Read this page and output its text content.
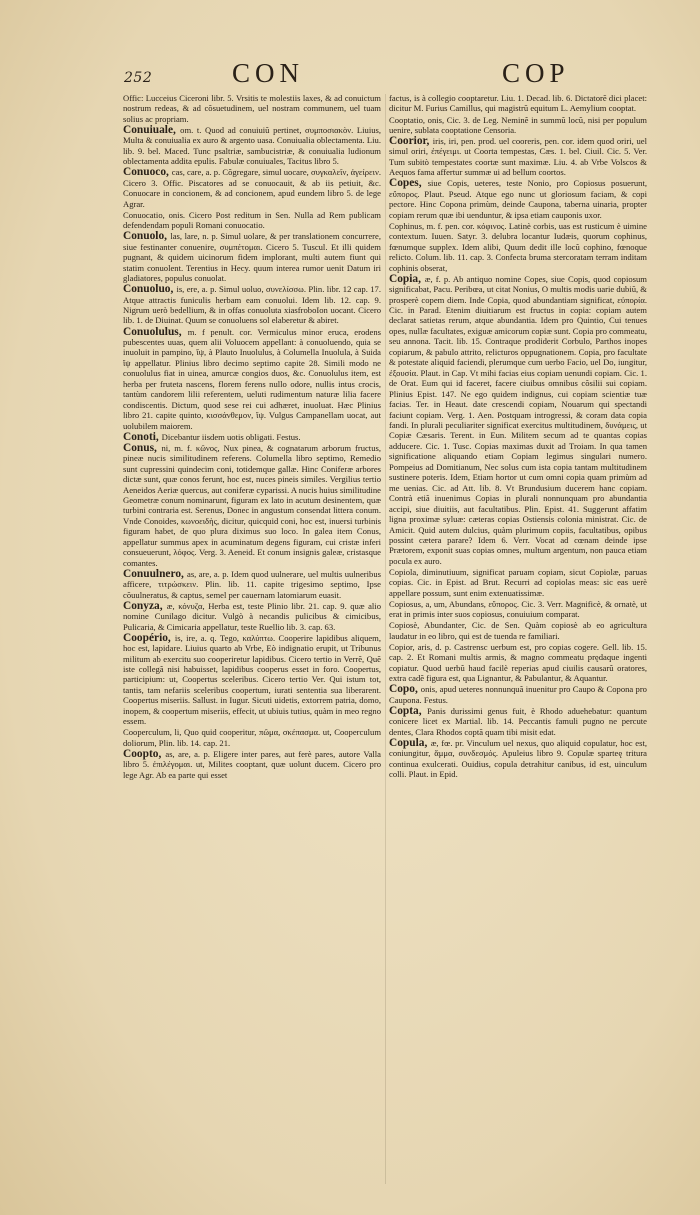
252	CON	COP

Offic: Lucceius Ciceroni libr. 5. Vrsitis te molestiis laxes, & ad conuictum nostrum redeas, & ad cõsuetudinem, uel nostram communem, uel tuam solius ac propriam.

Conuiuale, om. t. Quod ad conuiuiũ pertinet, συμποσιακὸν. Liuius, Multa & conuiualia ex auro & argento uasa. Conuiualia oblectamenta. Liu. lib. 9. bel. Maced. Tunc psaltriæ, sambucistriæ, & conuiualia ludionum oblectamenta addita epulis. Fabulæ conuiuales, Tacitus libro 5.

Conuoco, cas, care, a. p. Cõgregare, simul uocare, συγκαλεῖν, ἀγείρειν. Cicero 3. Offic. Piscatores ad se conuocauit, & ab iis petiuit, &c. Conuocare in concionem, & ad concionem, apud eundem libro 5. de lege Agrar.

Conuocatio, onis. Cicero Post reditum in Sen. Nulla ad Rem publicam defendendam populi Romani conuocatio.

Conuolo, las, lare, n. p. Simul uolare, & per translationem concurrere, siue festinanter conuenire, συμπέτομαι. Cicero 5. Tuscul. Et illi quidem pugnant, & quidem uicinorum fidem implorant, multi autem fiunt qui statim conuolent. Terentius in Hecy. quum interea rumor uenit Datum iri gladiatores, populus conuolat.

Conuoluo, is, ere, a. p. Simul uoluo, συνελίσσω. Plin. libr. 12 cap. 17. Atque attractis funiculis herbam eam conuolui. Idem lib. 12. cap. 9. Nigrum uerò bedellium, & in offas conuoluta xiasfroboIon uocant. Cicero lib. 1. de Diuinat. Quum se conuoluens sol elaberetur & abiret.

Conuolulus, m. f penult. cor. Vermiculus minor eruca, erodens pubescentes uuas, quem alii Voluocem appellant: à conuoluendo, quia se inuoluit in pampino, ἴψ, à Plauto Inuolulus, à Columella Inuolula, à Suida ἴψ appellatur. Plinius libro decimo septimo capite 28. Simili modo ne conuolulus fiat in uinea, amurcæ congios duos, &c. Conuolulus item, est herba per fruteta nascens, florem ferens nullo odore, nullis intus crocis, tantùm candorem lilii referentem, ueluti rudimentum naturæ lilia facere condiscentis. Dictum, quod sese rei cui adhæret, inuoluat. Hæc Plinius libro 21. capite quinto, κισσάνθεμον, ἴψ. Vulgus Campanellam uocat, aut uolubilem maiorem.

Conoti, Dicebantur iisdem uotis obligati. Festus.

Conus, ni, m. f. κῶνος, Nux pinea, & cognatarum arborum fructus, pineæ nucis similitudinem referens. Columella libro septimo, Remedio sunt cupressini quindecim coni, totidemque gallæ. Hinc Coniferæ arbores dictæ sunt, quæ conos ferunt, hoc est, nuces pineis similes. Vergilius tertio Aeneidos Aeriæ quercus, aut coniferæ cyparissi. A nucis huius similitudine Geometræ conum nominarunt, figuram ex lato in acutum desinentem, quæ turbini contraria est. Serenus, Donec in angustum consendat littera conum. Vnde Conoides, κωνοειδὴς, dicitur, quicquid coni, hoc est, inuersi turbinis figuram habet, de quo plura diximus suo loco. In galea item Conus, appellatur summus apex in acuminatum degens figuram, cui cristæ inferi consueuerunt, λόφος. Verg. 3. Aeneid. Et conum insignis galeæ, cristasque comantes.

Conuulnero, as, are, a. p. Idem quod uulnerare, uel multis uulneribus afficere, τιτρώσκειν. Plin. lib. 11. capite trigesimo septimo, Ipse cõuulneratus, & captus, semel per cauernam latomiarum euasit.

Conyza, æ, κόνυζα, Herba est, teste Plinio libr. 21. cap. 9. quæ alio nomine Cunilago dicitur. Vulgò à necandis pulicibus & cimicibus, Pulicaria, & Cimicaria appellatur, teste Ruellio lib. 3. cap. 63.

Coopério, is, ire, a. q. Tego, καλύπτω. Cooperire lapidibus aliquem, hoc est, lapidare. Liuius quarto ab Vrbe, Eò indignatio erupit, ut Tribunus militum ab exercitu suo cooperiretur lapidibus. Cicero tertio in Verrẽ, Quẽ iste collegã nisi habuisset, lapidibus cooperus esset in foro. Coopertus, participium: ut, Coopertus sceleribus. Cicero tertio Ver. Qui istum tot, tantis, tam nefariis sceleribus coopertum, iurati sententia sua liberarent. Coopertus miseriis. Sallust. in Iugur. Sicuti uidetis, extorrem patria, domo, inopem, & coopertum miseriis, effecit, ut ubiuis tutius, quàm in meo regno essem.

Cooperculum, li, Quo quid cooperitur, πῶμα, σκέπασμα. ut, Cooperculum doliorum, Plin. lib. 14. cap. 21.

Coopto, as, are, a. p. Eligere inter pares, aut ferè pares, autore Valla libro 5. ἐπιλέγομαι. ut, Milites cooptant, quæ uolunt ducem. Cicero pro lege Agr. Ab ea parte qui esset

factus, is à collegio cooptaretur. Liu. 1. Decad. lib. 6. Dictatorẽ dici placet: dicitur M. Furius Camillus, qui magistrũ equitum L. Aemylium cooptat.

Cooptatio, onis, Cic. 3. de Leg. Neminẽ in summũ locũ, nisi per populum uenire, sublata cooptatione Censoria.

Coorior, iris, iri, pen. prod. uel cooreris, pen. cor. idem quod oriri, uel simul oriri, ἐπέγειμι. ut Coorta tempestas, Cæs. 1. bel. Ciuil. Cic. 5. Ver. Tum subitò tempestates coortæ sunt maximæ. Liu. 4. ab Vrbe Volscos & Aequos fama affertur summæ ui ad bellum coortos.

Copes, siue Copis, ueteres, teste Nonio, pro Copiosus posuerunt, εὔπορος. Plaut. Pseud. Atque ego nunc ut gloriosum faciam, & copi pectore. Hinc Copona primùm, deinde Caupona, taberna uinaria, propter copiam rerum quæ ibi uenduntur, & ipsa etiam cauponis uxor.

Cophinus, m. f. pen. cor. κόφινος. Latinè corbis, uas est rusticum è uimine contextum. Iuuen. Satyr. 3. delubra locantur Iudæis, quorum cophinus, fœnumque supplex. Idem alibi, Quum dedit ille locũ cophino, fœnoque relicto. Colum. lib. 11. cap. 3. Confecta bruma stercoratam terram inditam cophinis obserat,

Copia, æ, f. p. Ab antiquo nomine Copes, siue Copis, quod copiosum significabat, Pacu. Peribœa, ut citat Nonius, O multis modis uarie dubiũ, & prosperè copem diem. Inde Copia, quod abundantiam significat, εὐπορία. Cic. in Parad. Etenim diuitiarum est fructus in copia: copiam autem declarat satietas rerum, atque abundantia. Idem pro Quintio, Cui tenues opes, nullæ facultates, exiguæ amicorum copiæ sunt. Copia pro commeatu, seu annona. Tacit. lib. 15. Contraque prodiderit Corbulo, Parthos inopes copiarum, & pabulo attrito, relicturos oppugnationem. Copia, pro facultate & potestate aliquid faciendi, plerumque cum uerbo Facio, uel Do, iungitur, ἐξουσία. Plaut. in Cap. Vt mihi facias eius copiam uenundi copiam. Cic. 1. de Orat. Eum qui id faceret, facere ciuibus omnibus cõsilii sui copiam. Plinius Epist. 147. Ne ego quidem indignus, cui copiam scientiæ tuæ facias. Ter. in Heaut. date crescendi copiam, Nouarum qui spectandi faciunt copiam. Verg. 1. Aen. Postquam introgressi, & coram data copia fandi. In plurali peculiariter significat exercitus multitudinem, δυνάμεις, ut Copiæ Cæsaris. Terent. in Eun. Militem secum ad te quantas copias adducere. Cic. 1. Tusc. Copias maximas duxit ad Troiam. In qua tamen significatione aliquando etiam Copiam legimus singulari numero. Pompeius ad Domitianum, Nec solus cum ista copia tantam multitudinem sustinere poteris. Idem, Etiam hortor ut cum omni copia quam primùm ad me uenias. Cic. ad Att. lib. 8. Vt Brundusium ducerem hanc copiam. Contrà etiã inuenimus Copias in plurali nonnunquam pro abundantia accipi, siue diuitiis, aut facultatibus. Plin. Epist. 41. Suggerunt affatim ligna proximæ syluæ: cæteras copias Ostiensis colonia ministrat. Cic. de Amicit. Quid autem dulcius, quàm plurimum copiis, facultatibus, opibus possint cætera parare? Idem 6. Verr. Vocat ad cœnam deinde ipse Prætorem, exponit suas copias omnes, multum argentum, non pauca etiam pocula ex auro.

Copiola, diminutiuum, significat paruam copiam, sicut Copiolæ, paruas copias. Cic. in Epist. ad Brut. Recurri ad copiolas meas: sic eas uerè appellare possum, sunt enim extenuatissimæ.

Copiosus, a, um, Abundans, εὔπορος. Cic. 3. Verr. Magnificè, & ornatè, ut erat in primis inter suos copiosus, conuiuium comparat.

Copiosè, Abundanter, Cic. de Sen. Quàm copiosè ab eo agricultura laudatur in eo libro, qui est de tuenda re familiari.

Copior, aris, d. p. Castrensc uerbum est, pro copias cogere. Gell. lib. 15. cap. 2. Et Romani multis armis, & magno commeatu prędaque ingenti copiatur. Quod uerbũ haud facilè reperias apud ciuilis causarũ oratores, extra cadẽ figura est, qua Lignantur, & Pabulantur, & Aquantur.

Copo, onis, apud ueteres nonnunquã inuenitur pro Caupo & Copona pro Caupona. Festus.

Copta, Panis durissimi genus fuit, è Rhodo aduehebatur: quantum conicere licet ex Martial. lib. 14. Peccantis famuli pugno ne percute dentes, Clara Rhodos coptã quam tibi misit edat.

Copula, æ, fœ. pr. Vinculum uel nexus, quo aliquid copulatur, hoc est, coniungitur, ἅμμα, συνδεσμός. Apuleius libro 9. Copulæ sparteę tritura continua exulcerati. Ouidius, copula detrahitur canibus, id est, uinculum colli. Plaut. in Epid.
